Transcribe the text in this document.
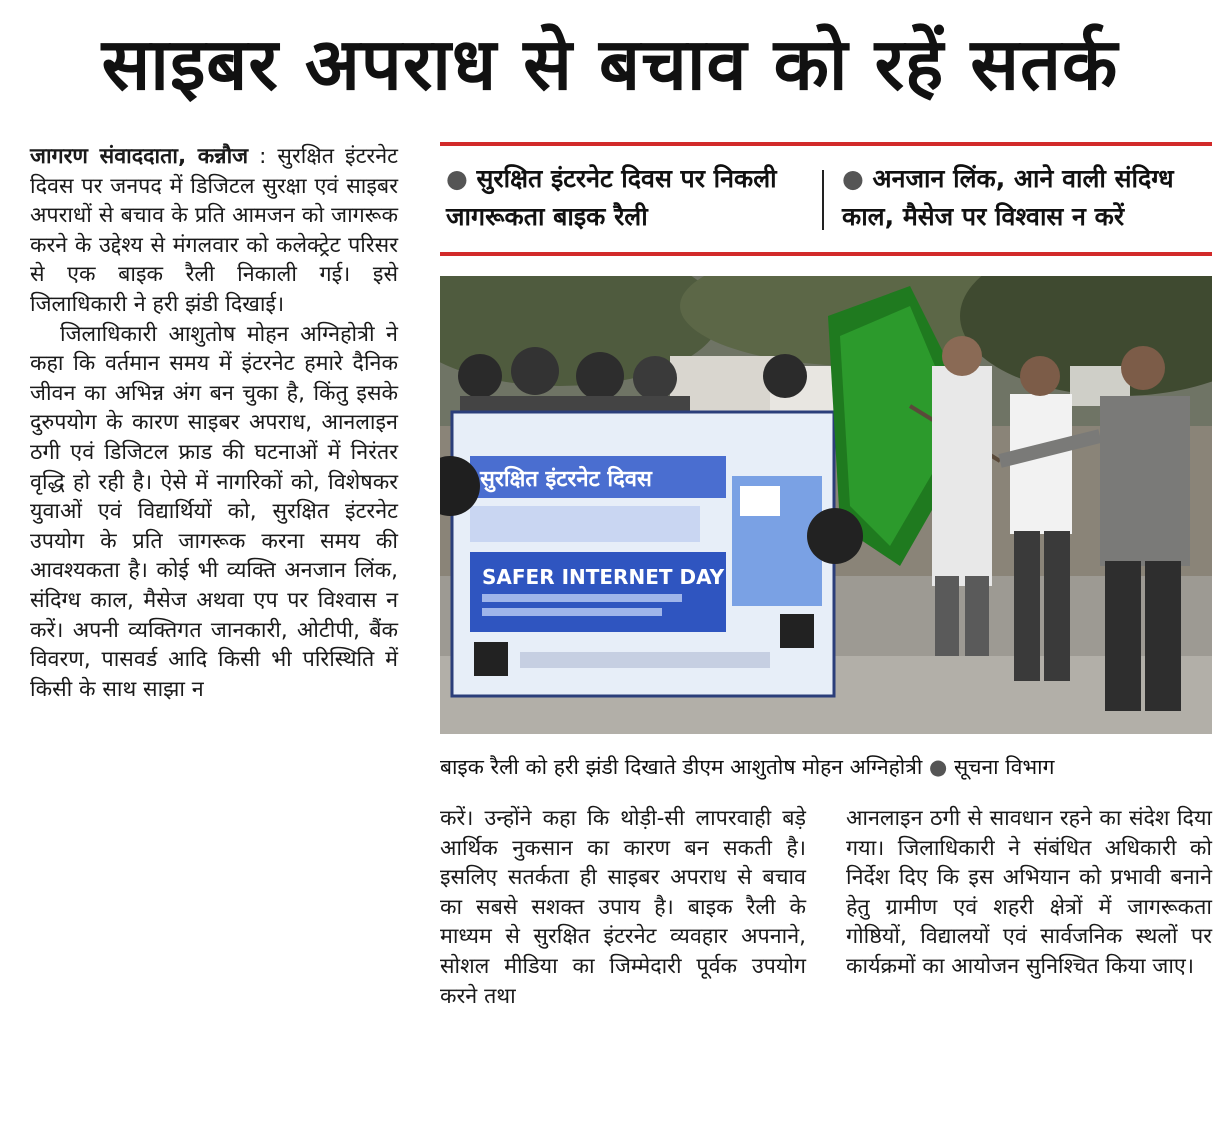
साइबर अपराध से बचाव को रहें सतर्क

जागरण संवाददाता, कन्नौज : सुरक्षित इंटरनेट दिवस पर जनपद में डिजिटल सुरक्षा एवं साइबर अपराधों से बचाव के प्रति आमजन को जागरूक करने के उद्देश्य से मंगलवार को कलेक्ट्रेट परिसर से एक बाइक रैली निकाली गई। इसे जिलाधिकारी ने हरी झंडी दिखाई।

जिलाधिकारी आशुतोष मोहन अग्निहोत्री ने कहा कि वर्तमान समय में इंटरनेट हमारे दैनिक जीवन का अभिन्न अंग बन चुका है, किंतु इसके दुरुपयोग के कारण साइबर अपराध, आनलाइन ठगी एवं डिजिटल फ्राड की घटनाओं में निरंतर वृद्धि हो रही है। ऐसे में नागरिकों को, विशेषकर युवाओं एवं विद्यार्थियों को, सुरक्षित इंटरनेट उपयोग के प्रति जागरूक करना समय की आवश्यकता है। कोई भी व्यक्ति अनजान लिंक, संदिग्ध काल, मैसेज अथवा एप पर विश्वास न करें। अपनी व्यक्तिगत जानकारी, ओटीपी, बैंक विवरण, पासवर्ड आदि किसी भी परिस्थिति में किसी के साथ साझा न

● सुरक्षित इंटरनेट दिवस पर निकली जागरूकता बाइक रैली
● अनजान लिंक, आने वाली संदिग्ध काल, मैसेज पर विश्वास न करें
सुरक्षित इंटरनेट दिवस
SAFER INTERNET DAY
बाइक रैली को हरी झंडी दिखाते डीएम आशुतोष मोहन अग्निहोत्री ● सूचना विभाग

करें। उन्होंने कहा कि थोड़ी-सी लापरवाही बड़े आर्थिक नुकसान का कारण बन सकती है। इसलिए सतर्कता ही साइबर अपराध से बचाव का सबसे सशक्त उपाय है। बाइक रैली के माध्यम से सुरक्षित इंटरनेट व्यवहार अपनाने, सोशल मीडिया का जिम्मेदारी पूर्वक उपयोग करने तथा

आनलाइन ठगी से सावधान रहने का संदेश दिया गया। जिलाधिकारी ने संबंधित अधिकारी को निर्देश दिए कि इस अभियान को प्रभावी बनाने हेतु ग्रामीण एवं शहरी क्षेत्रों में जागरूकता गोष्ठियों, विद्यालयों एवं सार्वजनिक स्थलों पर कार्यक्रमों का आयोजन सुनिश्चित किया जाए।
